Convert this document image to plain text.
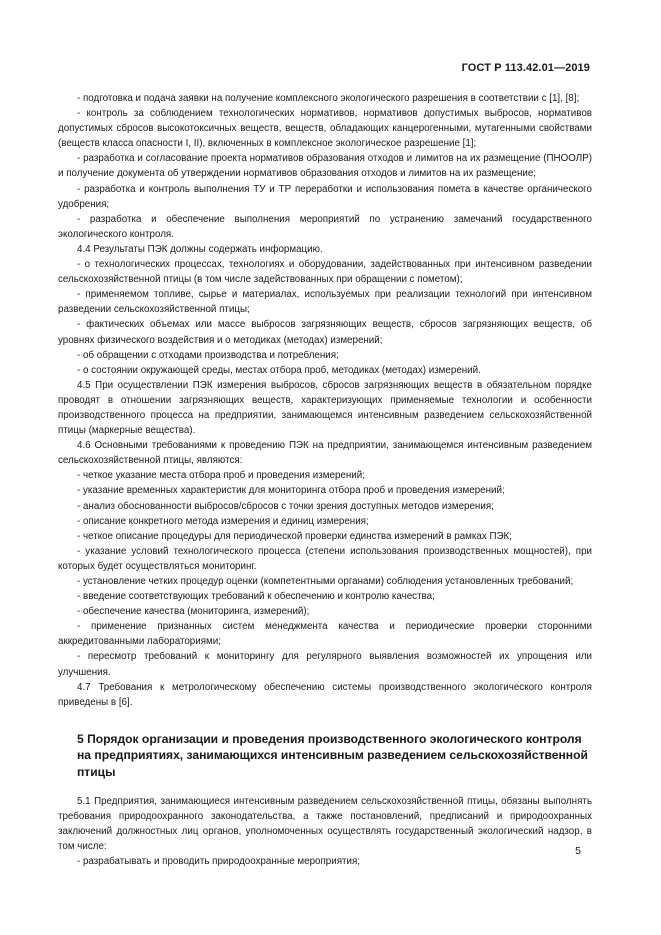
ГОСТ Р 113.42.01—2019

- подготовка и подача заявки на получение комплексного экологического разрешения в соответствии с [1], [8];

- контроль за соблюдением технологических нормативов, нормативов допустимых выбросов, нормативов допустимых сбросов высокотоксичных веществ, веществ, обладающих канцерогенными, мутагенными свойствами (веществ класса опасности I, II), включенных в комплексное экологическое разрешение [1];

- разработка и согласование проекта нормативов образования отходов и лимитов на их размещение (ПНООЛР) и получение документа об утверждении нормативов образования отходов и лимитов на их размещение;

- разработка и контроль выполнения ТУ и ТР переработки и использования помета в качестве органического удобрения;

- разработка и обеспечение выполнения мероприятий по устранению замечаний государственного экологического контроля.

4.4 Результаты ПЭК должны содержать информацию.

- о технологических процессах, технологиях и оборудовании, задействованных при интенсивном разведении сельскохозяйственной птицы (в том числе задействованных при обращении с пометом);

- применяемом топливе, сырье и материалах, используемых при реализации технологий при интенсивном разведении сельскохозяйственной птицы;

- фактических объемах или массе выбросов загрязняющих веществ, сбросов загрязняющих веществ, об уровнях физического воздействия и о методиках (методах) измерений;

- об обращении с отходами производства и потребления;

- о состоянии окружающей среды, местах отбора проб, методиках (методах) измерений.

4.5 При осуществлении ПЭК измерения выбросов, сбросов загрязняющих веществ в обязательном порядке проводят в отношении загрязняющих веществ, характеризующих применяемые технологии и особенности производственного процесса на предприятии, занимающемся интенсивным разведением сельскохозяйственной птицы (маркерные вещества).

4.6 Основными требованиями к проведению ПЭК на предприятии, занимающемся интенсивным разведением сельскохозяйственной птицы, являются:

- четкое указание места отбора проб и проведения измерений;

- указание временных характеристик для мониторинга отбора проб и проведения измерений;

- анализ обоснованности выбросов/сбросов с точки зрения доступных методов измерения;

- описание конкретного метода измерения и единиц измерения;

- четкое описание процедуры для периодической проверки единства измерений в рамках ПЭК;

- указание условий технологического процесса (степени использования производственных мощностей), при которых будет осуществляться мониторинг.

- установление четких процедур оценки (компетентными органами) соблюдения установленных требований;

- введение соответствующих требований к обеспечению и контролю качества;

- обеспечение качества (мониторинга, измерений);

- применение признанных систем менеджмента качества и периодические проверки сторонними аккредитованными лабораториями;

- пересмотр требований к мониторингу для регулярного выявления возможностей их упрощения или улучшения.

4.7 Требования к метрологическому обеспечению системы производственного экологического контроля приведены в [6].

5 Порядок организации и проведения производственного экологического контроля на предприятиях, занимающихся интенсивным разведением сельскохозяйственной птицы

5.1 Предприятия, занимающиеся интенсивным разведением сельскохозяйственной птицы, обязаны выполнять требования природоохранного законодательства, а также постановлений, предписаний и природоохранных заключений должностных лиц органов, уполномоченных осуществлять государственный экологический надзор, в том числе:

- разрабатывать и проводить природоохранные мероприятия;

5
